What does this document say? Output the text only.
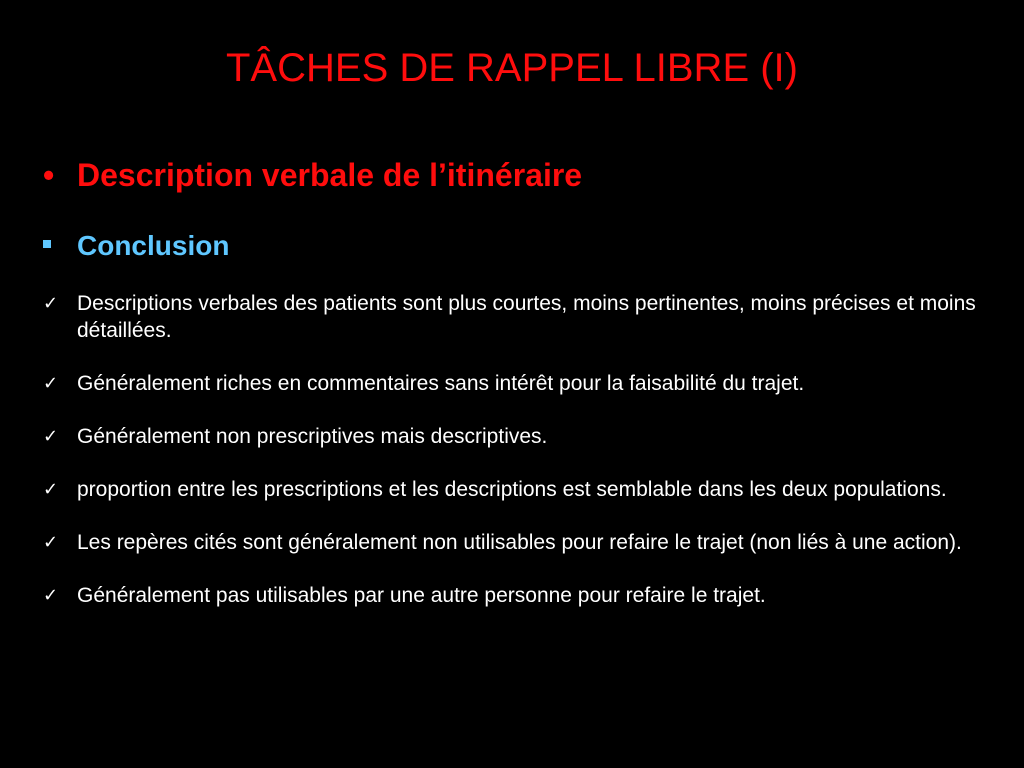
TÂCHES DE RAPPEL LIBRE (I)
• Description verbale de l’itinéraire
Conclusion
✓ Descriptions verbales des patients sont plus courtes, moins pertinentes, moins précises et moins détaillées.
✓ Généralement riches en commentaires sans intérêt pour la faisabilité du trajet.
✓ Généralement non prescriptives mais descriptives.
✓ proportion entre les prescriptions et les descriptions est semblable dans les deux populations.
✓ Les repères cités sont généralement non utilisables pour refaire le trajet (non liés à une action).
✓ Généralement pas utilisables par une autre personne pour refaire le trajet.
